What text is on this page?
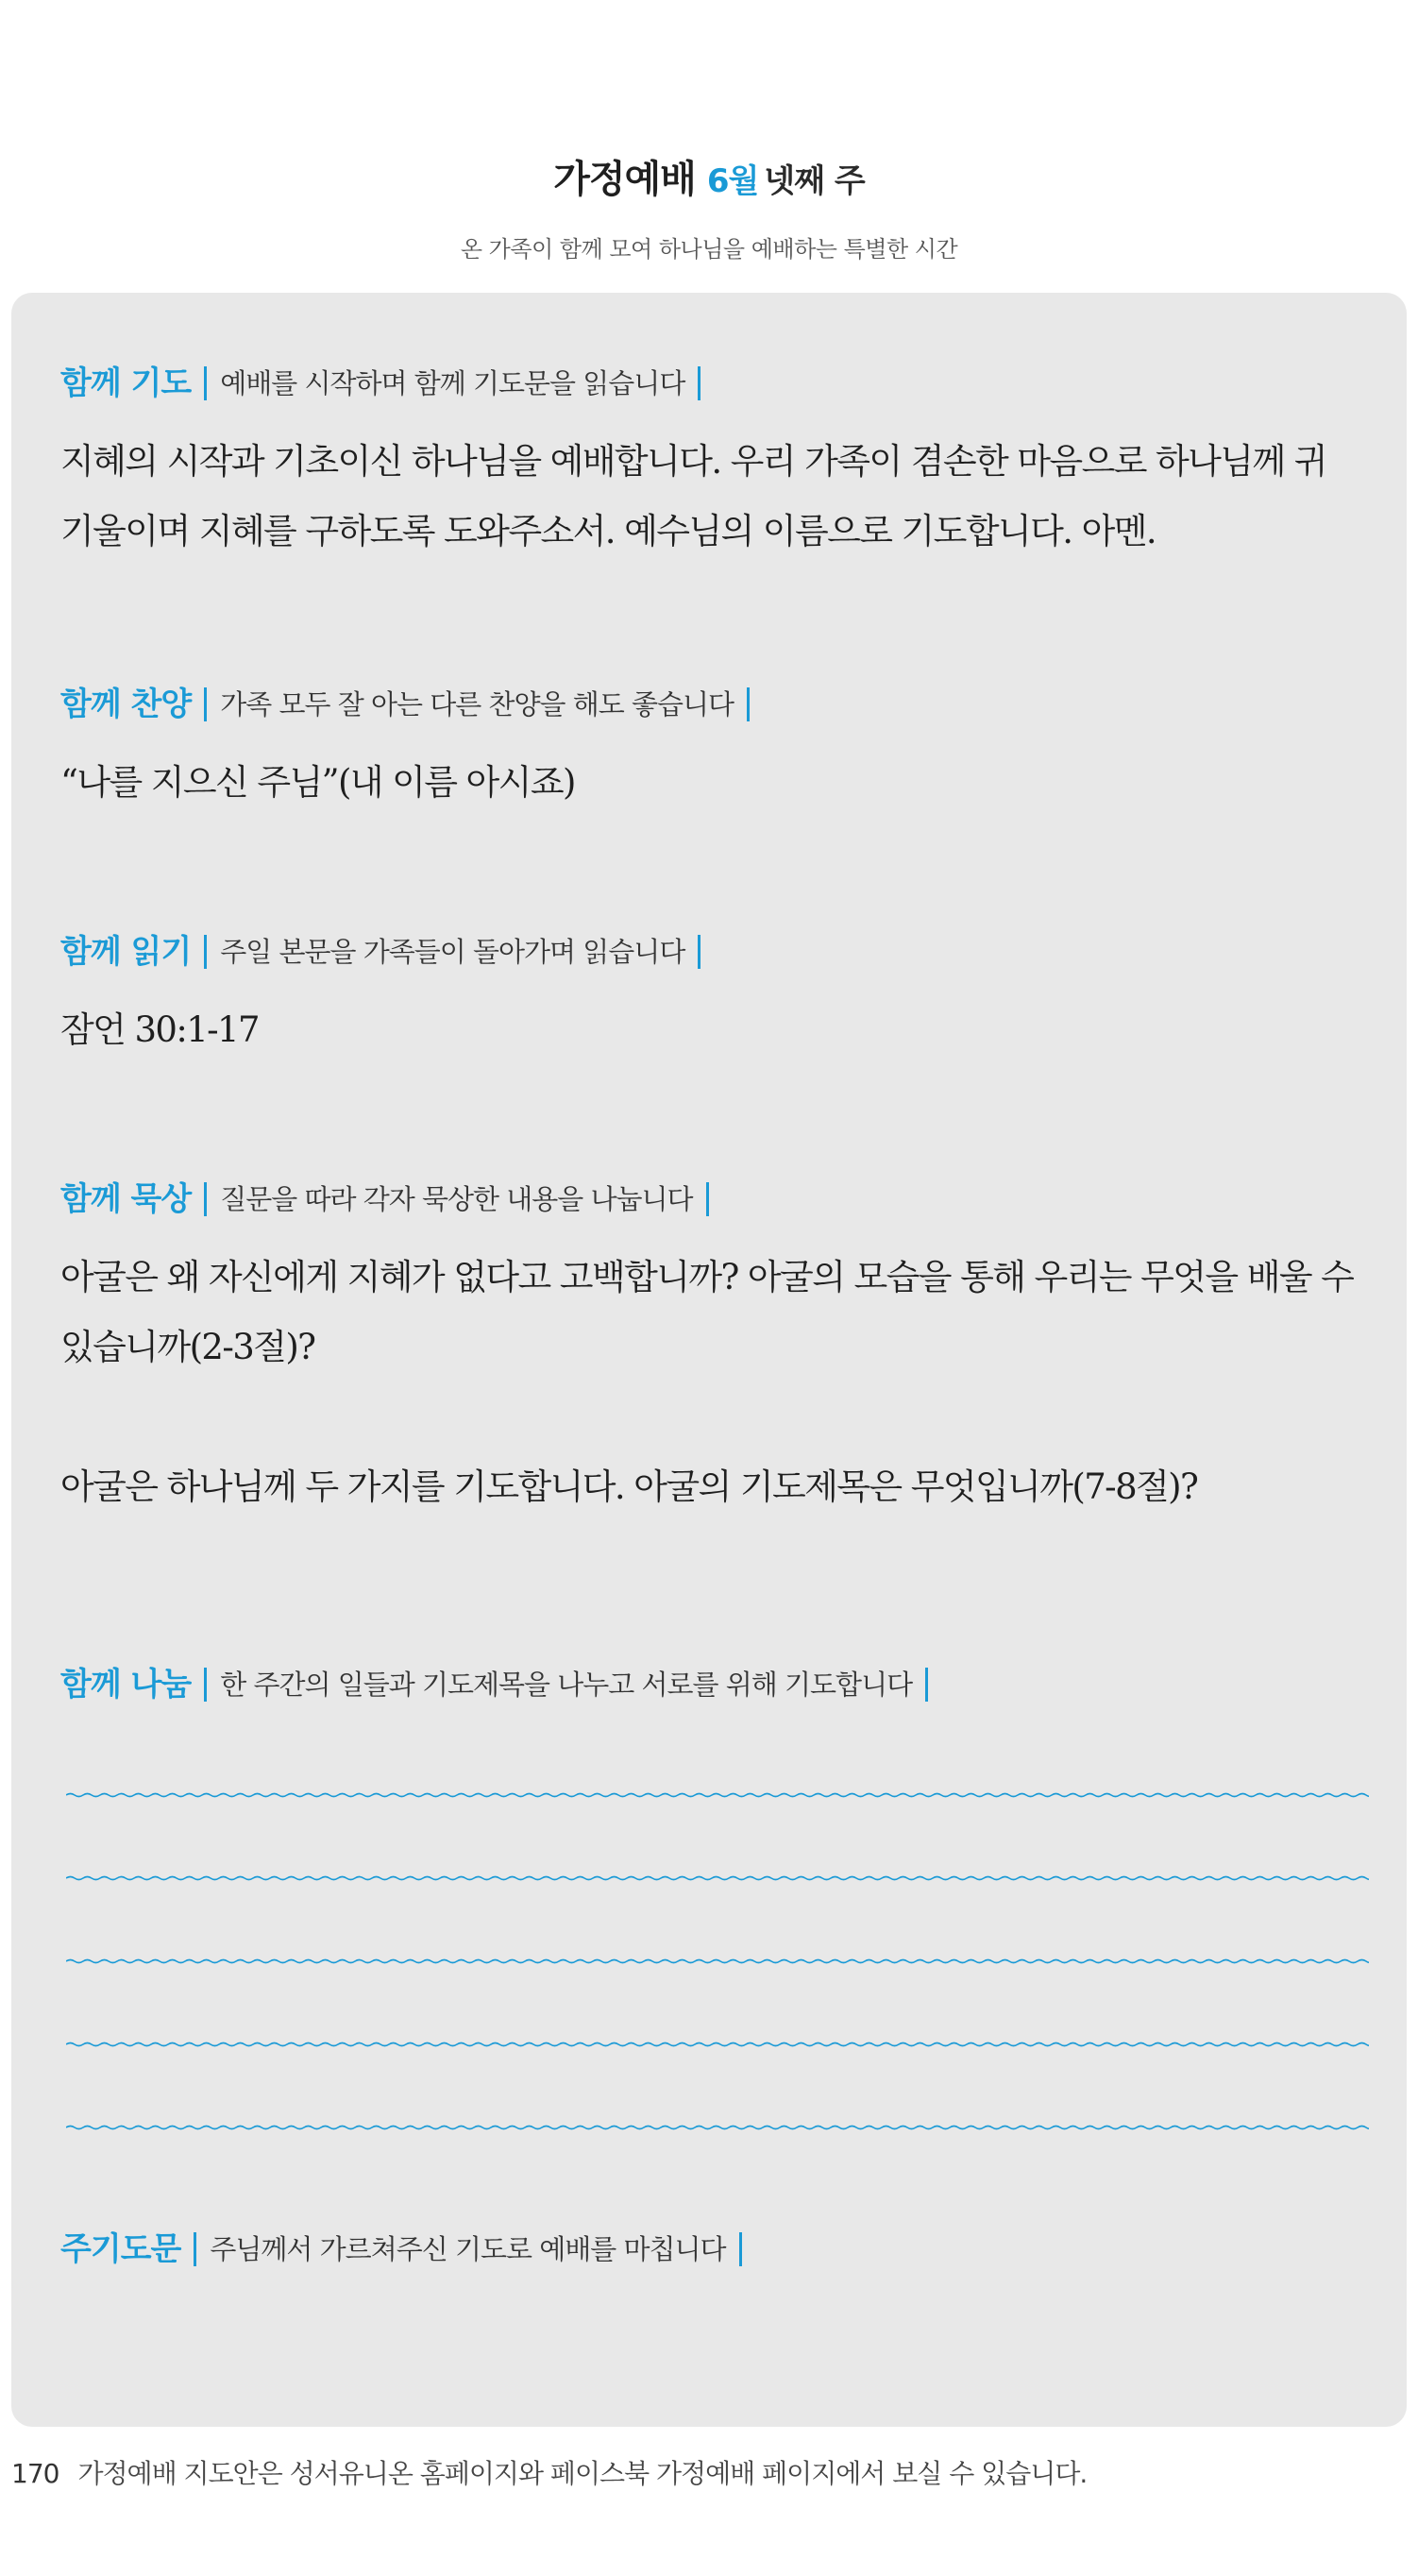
가정예배 6월 넷째 주
온 가족이 함께 모여 하나님을 예배하는 특별한 시간
함께 기도 예배를 시작하며 함께 기도문을 읽습니다
지혜의 시작과 기초이신 하나님을 예배합니다. 우리 가족이 겸손한 마음으로 하나님께 귀 기울이며 지혜를 구하도록 도와주소서. 예수님의 이름으로 기도합니다. 아멘.
함께 찬양 가족 모두 잘 아는 다른 찬양을 해도 좋습니다
“나를 지으신 주님”(내 이름 아시죠)
함께 읽기 주일 본문을 가족들이 돌아가며 읽습니다
잠언 30:1-17
함께 묵상 질문을 따라 각자 묵상한 내용을 나눕니다
아굴은 왜 자신에게 지혜가 없다고 고백합니까? 아굴의 모습을 통해 우리는 무엇을 배울 수 있습니까(2-3절)?
아굴은 하나님께 두 가지를 기도합니다. 아굴의 기도제목은 무엇입니까(7-8절)?
함께 나눔 한 주간의 일들과 기도제목을 나누고 서로를 위해 기도합니다
주기도문 주님께서 가르쳐주신 기도로 예배를 마칩니다
170 가정예배 지도안은 성서유니온 홈페이지와 페이스북 가정예배 페이지에서 보실 수 있습니다.
